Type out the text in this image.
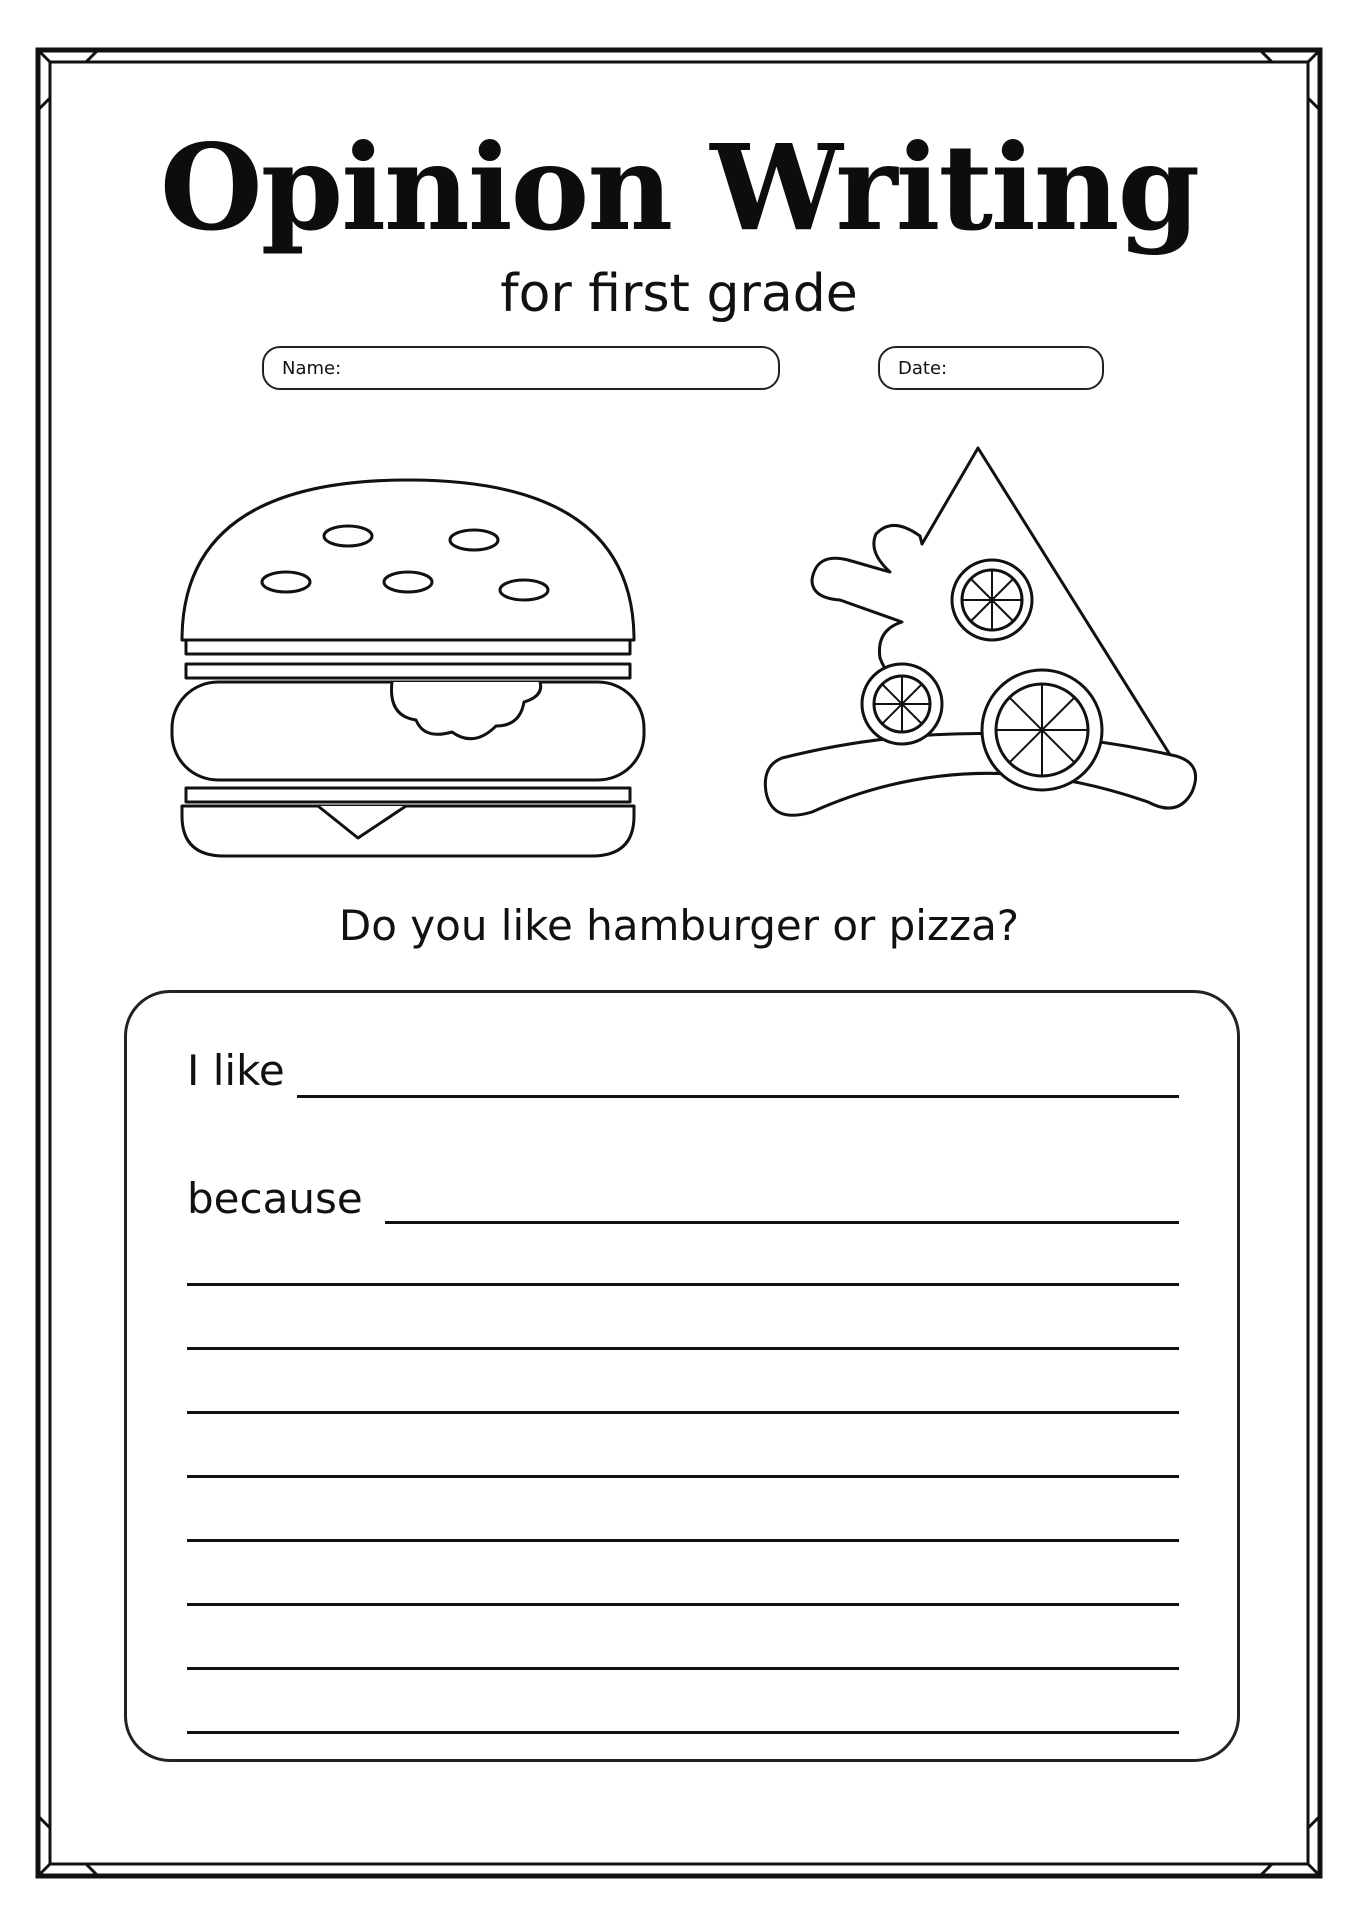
Opinion Writing
for first grade
Name:	Date:
Do you like hamburger or pizza?
I like
because
